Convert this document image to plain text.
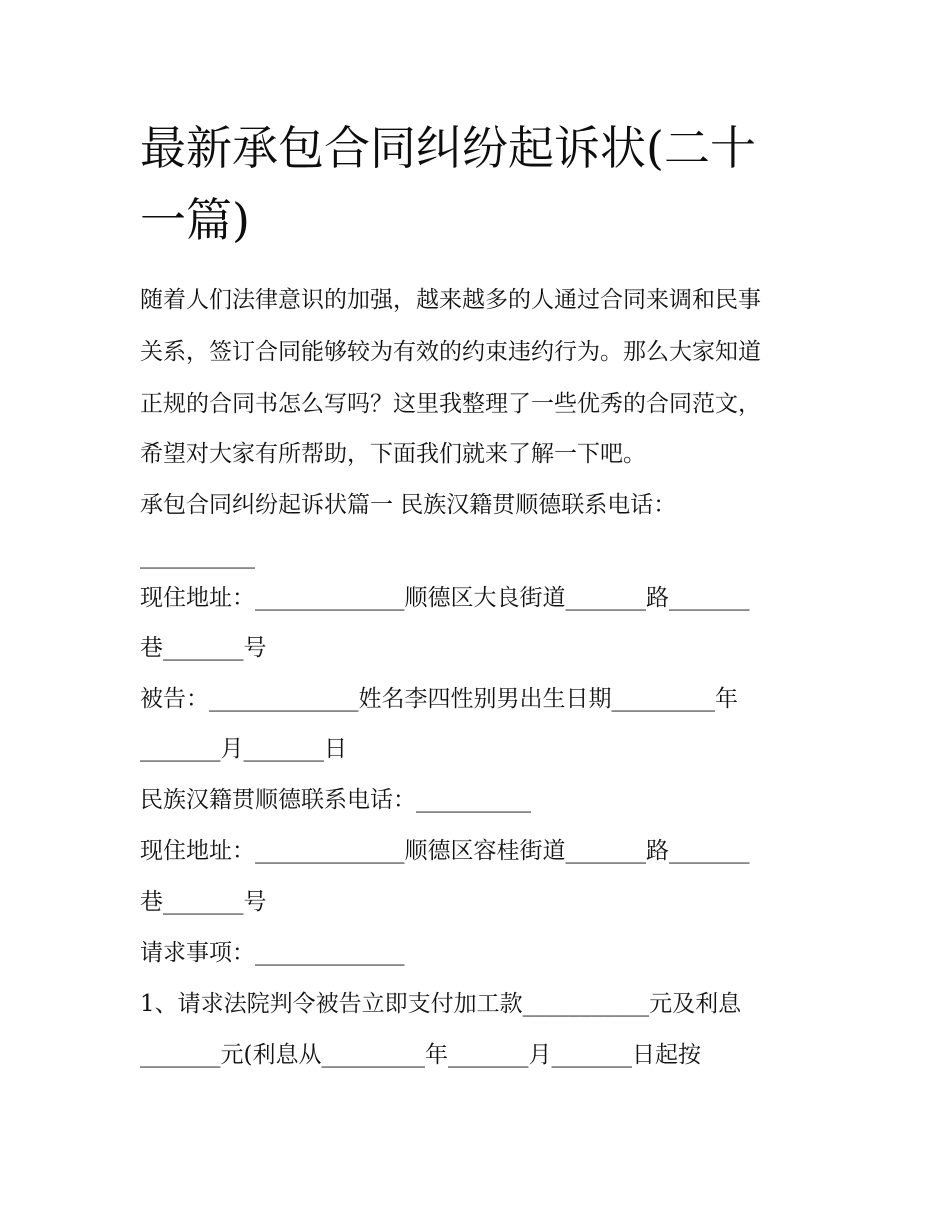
最新承包合同纠纷起诉状(二十
一篇)

随着人们法律意识的加强，越来越多的人通过合同来调和民事

关系，签订合同能够较为有效的约束违约行为。那么大家知道

正规的合同书怎么写吗？这里我整理了一些优秀的合同范文，

希望对大家有所帮助，下面我们就来了解一下吧。

承包合同纠纷起诉状篇一 民族汉籍贯顺德联系电话：

__________

现住地址：_____________顺德区大良街道_______路_______

巷_______号

被告：_____________姓名李四性别男出生日期_________年

_______月_______日

民族汉籍贯顺德联系电话：__________

现住地址：_____________顺德区容桂街道_______路_______

巷_______号

请求事项：_____________

1、请求法院判令被告立即支付加工款___________元及利息

_______元(利息从_________年_______月_______日起按
